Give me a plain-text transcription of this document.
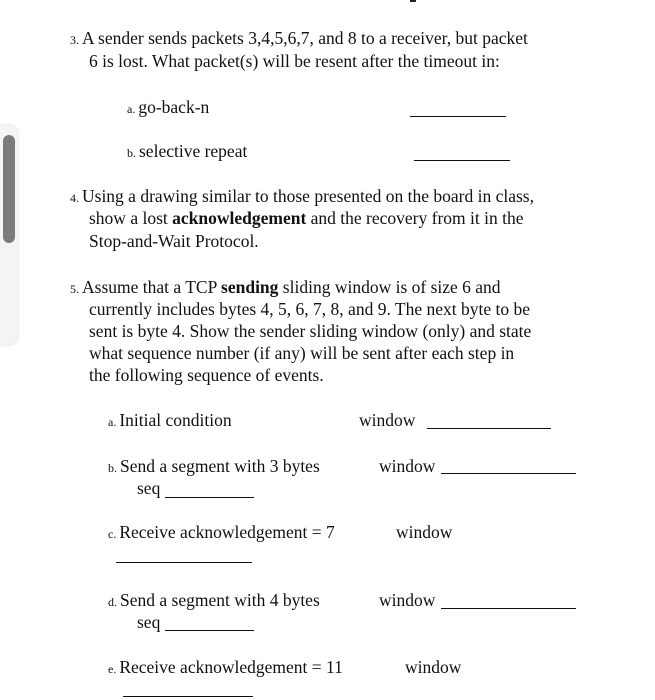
3. A sender sends packets 3,4,5,6,7, and 8 to a receiver, but packet
6 is lost. What packet(s) will be resent after the timeout in:
a. go-back-n
b. selective repeat
4. Using a drawing similar to those presented on the board in class,
show a lost acknowledgement and the recovery from it in the
Stop-and-Wait Protocol.
5. Assume that a TCP sending sliding window is of size 6 and
currently includes bytes 4, 5, 6, 7, 8, and 9. The next byte to be
sent is byte 4. Show the sender sliding window (only) and state
what sequence number (if any) will be sent after each step in
the following sequence of events.
a. Initial condition	window
b. Send a segment with 3 bytes	window
seq
c. Receive acknowledgement = 7	window
d. Send a segment with 4 bytes	window
seq
e. Receive acknowledgement = 11	window
